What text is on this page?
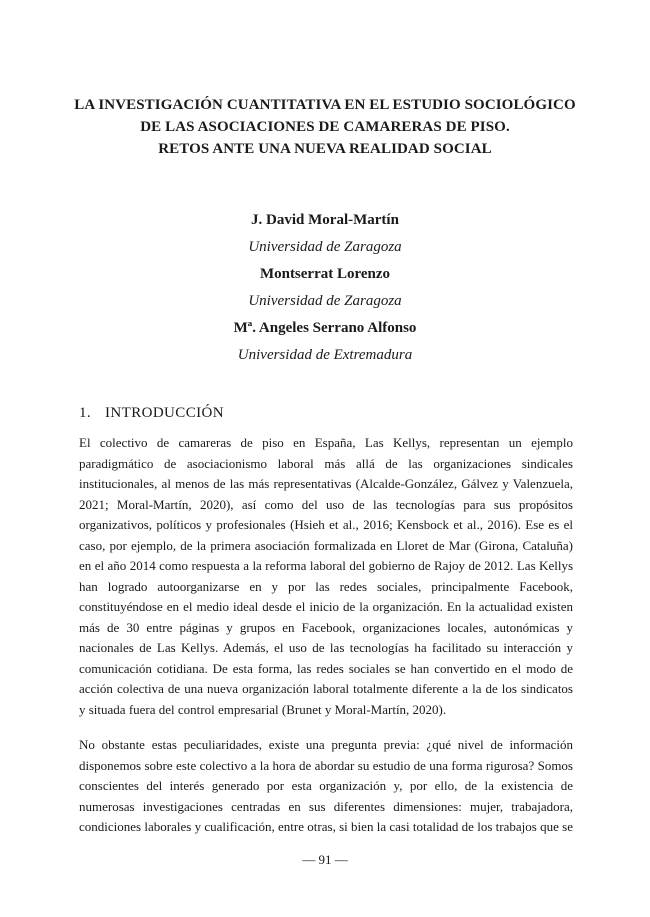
LA INVESTIGACIÓN CUANTITATIVA EN EL ESTUDIO SOCIOLÓGICO
DE LAS ASOCIACIONES DE CAMARERAS DE PISO.
RETOS ANTE UNA NUEVA REALIDAD SOCIAL
J. David Moral-Martín
Universidad de Zaragoza
Montserrat Lorenzo
Universidad de Zaragoza
Mª. Angeles Serrano Alfonso
Universidad de Extremadura
1. INTRODUCCIÓN
El colectivo de camareras de piso en España, Las Kellys, representan un ejemplo
paradigmático de asociacionismo laboral más allá de las organizaciones sindicales
institucionales, al menos de las más representativas (Alcalde-González, Gálvez y Valenzuela,
2021; Moral-Martín, 2020), así como del uso de las tecnologías para sus propósitos
organizativos, políticos y profesionales (Hsieh et al., 2016; Kensbock et al., 2016). Ese es el
caso, por ejemplo, de la primera asociación formalizada en Lloret de Mar (Girona, Cataluña)
en el año 2014 como respuesta a la reforma laboral del gobierno de Rajoy de 2012. Las Kellys
han logrado autoorganizarse en y por las redes sociales, principalmente Facebook,
constituyéndose en el medio ideal desde el inicio de la organización. En la actualidad existen
más de 30 entre páginas y grupos en Facebook, organizaciones locales, autonómicas y
nacionales de Las Kellys. Además, el uso de las tecnologías ha facilitado su interacción y
comunicación cotidiana. De esta forma, las redes sociales se han convertido en el modo de
acción colectiva de una nueva organización laboral totalmente diferente a la de los sindicatos
y situada fuera del control empresarial (Brunet y Moral-Martín, 2020).
No obstante estas peculiaridades, existe una pregunta previa: ¿qué nivel de información
disponemos sobre este colectivo a la hora de abordar su estudio de una forma rigurosa? Somos
conscientes del interés generado por esta organización y, por ello, de la existencia de
numerosas investigaciones centradas en sus diferentes dimensiones: mujer, trabajadora,
condiciones laborales y cualificación, entre otras, si bien la casi totalidad de los trabajos que se
— 91 —
